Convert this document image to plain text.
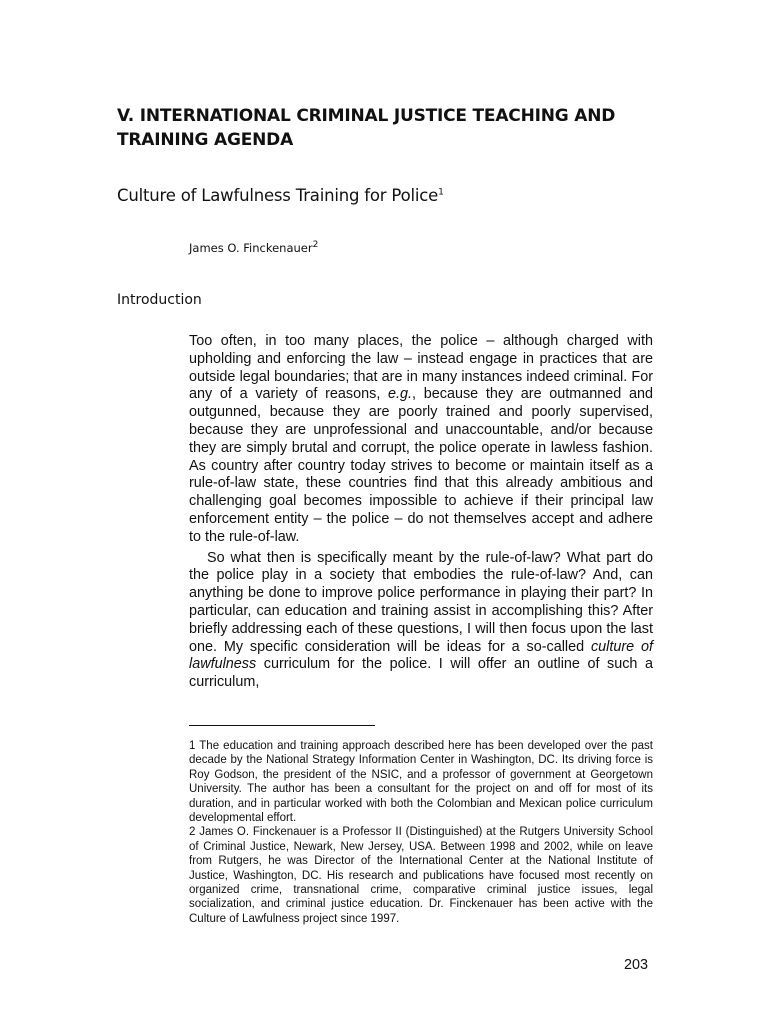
V. INTERNATIONAL CRIMINAL JUSTICE TEACHING AND TRAINING AGENDA
Culture of Lawfulness Training for Police$^1$
James O. Finckenauer$^2$
Introduction

Too often, in too many places, the police – although charged with upholding and enforcing the law – instead engage in practices that are outside legal boundaries; that are in many instances indeed criminal. For any of a variety of reasons, e.g., because they are outmanned and outgunned, because they are poorly trained and poorly supervised, because they are unprofessional and unaccountable, and/or because they are simply brutal and corrupt, the police operate in lawless fashion. As country after country today strives to become or maintain itself as a rule-of-law state, these countries find that this already ambitious and challenging goal becomes impossible to achieve if their principal law enforcement entity – the police – do not themselves accept and adhere to the rule-of-law.

So what then is specifically meant by the rule-of-law? What part do the police play in a society that embodies the rule-of-law? And, can anything be done to improve police performance in playing their part? In particular, can education and training assist in accomplishing this? After briefly addressing each of these questions, I will then focus upon the last one. My specific consideration will be ideas for a so-called culture of lawfulness curriculum for the police. I will offer an outline of such a curriculum,

1 The education and training approach described here has been developed over the past decade by the National Strategy Information Center in Washington, DC. Its driving force is Roy Godson, the president of the NSIC, and a professor of government at Georgetown University. The author has been a consultant for the project on and off for most of its duration, and in particular worked with both the Colombian and Mexican police curriculum developmental effort.

2 James O. Finckenauer is a Professor II (Distinguished) at the Rutgers University School of Criminal Justice, Newark, New Jersey, USA. Between 1998 and 2002, while on leave from Rutgers, he was Director of the International Center at the National Institute of Justice, Washington, DC. His research and publications have focused most recently on organized crime, transnational crime, comparative criminal justice issues, legal socialization, and criminal justice education. Dr. Finckenauer has been active with the Culture of Lawfulness project since 1997.

203
